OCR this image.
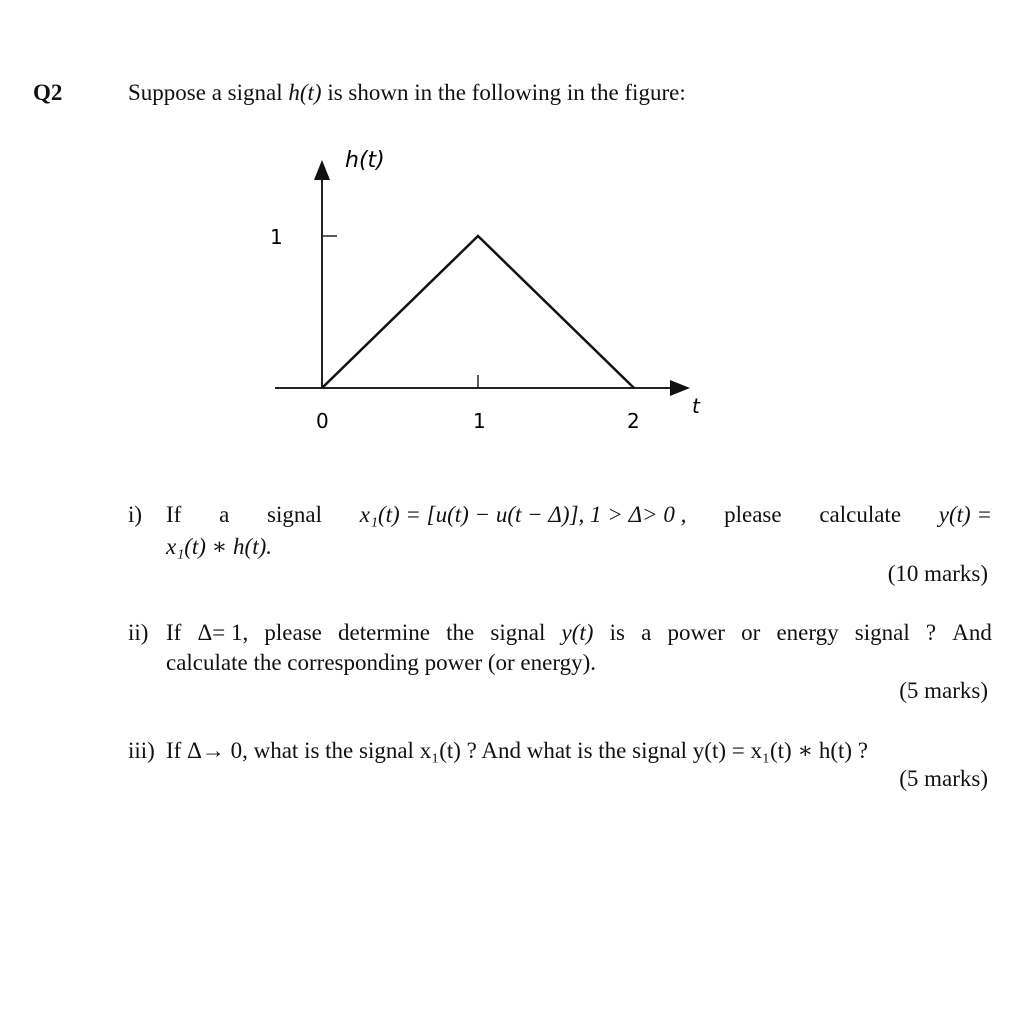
Q2	Suppose a signal h(t) is shown in the following in the figure:
h(t)
1
0	1	2
t
i) If a signal x₁(t) = [u(t) − u(t − Δ)], 1 > Δ> 0 , please calculate y(t) =
x₁(t) ∗ h(t).
(10 marks)
ii) If Δ= 1, please determine the signal y(t) is a power or energy signal ? And
calculate the corresponding power (or energy).
(5 marks)
iii) If Δ→ 0, what is the signal x₁(t) ? And what is the signal y(t) = x₁(t) ∗ h(t) ?
(5 marks)
